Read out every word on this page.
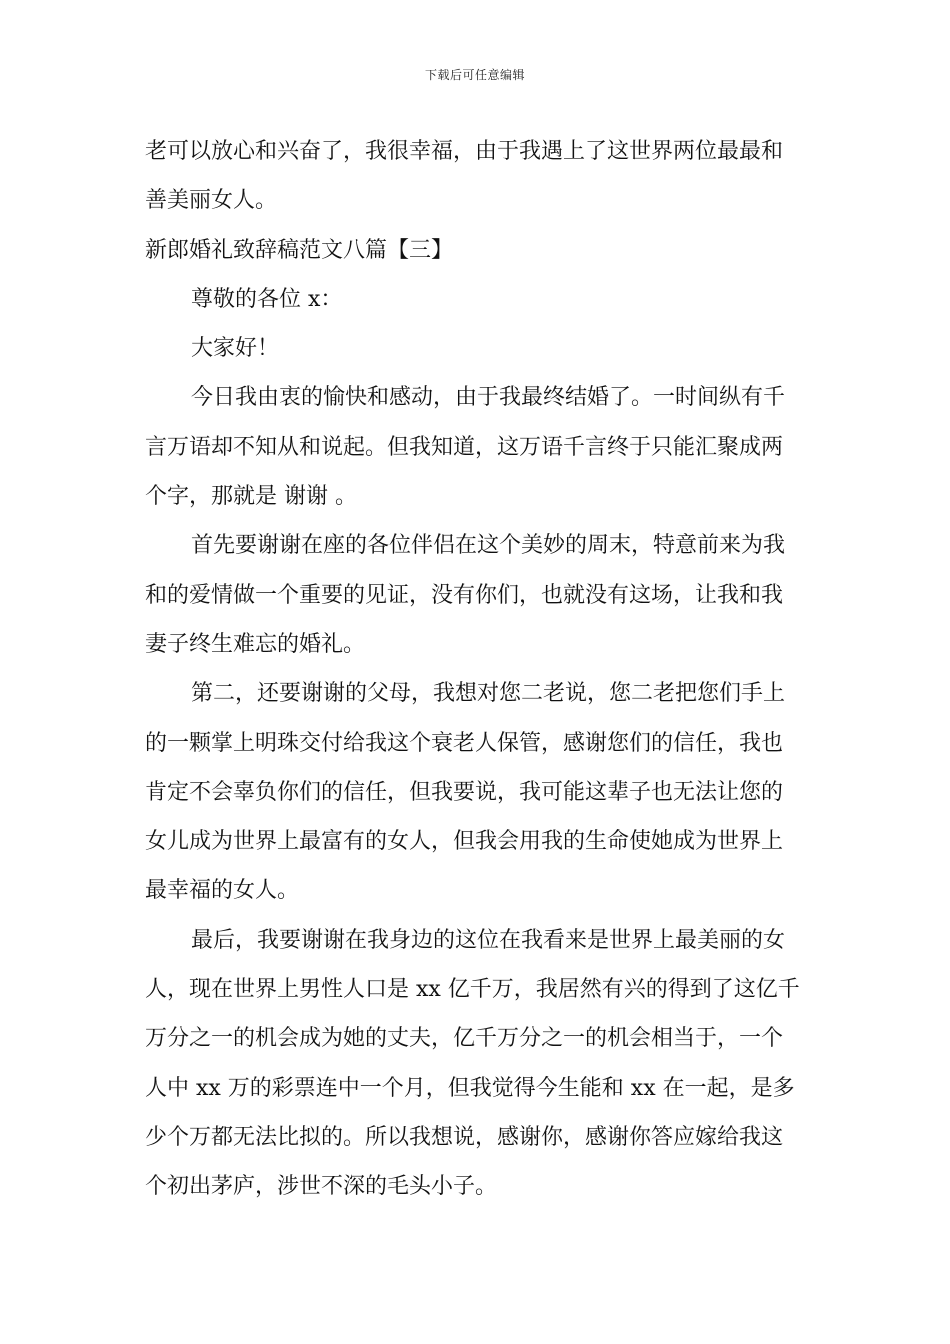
下载后可任意编辑
老可以放心和兴奋了，我很幸福，由于我遇上了这世界两位最最和
善美丽女人。
新郎婚礼致辞稿范文八篇【三】
尊敬的各位 x：
大家好！
今日我由衷的愉快和感动，由于我最终结婚了。一时间纵有千
言万语却不知从和说起。但我知道，这万语千言终于只能汇聚成两
个字，那就是 谢谢 。
首先要谢谢在座的各位伴侣在这个美妙的周末，特意前来为我
和的爱情做一个重要的见证，没有你们，也就没有这场，让我和我
妻子终生难忘的婚礼。
第二，还要谢谢的父母，我想对您二老说，您二老把您们手上
的一颗掌上明珠交付给我这个衰老人保管，感谢您们的信任，我也
肯定不会辜负你们的信任，但我要说，我可能这辈子也无法让您的
女儿成为世界上最富有的女人，但我会用我的生命使她成为世界上
最幸福的女人。
最后，我要谢谢在我身边的这位在我看来是世界上最美丽的女
人，现在世界上男性人口是 xx 亿千万，我居然有兴的得到了这亿千
万分之一的机会成为她的丈夫，亿千万分之一的机会相当于，一个
人中 xx 万的彩票连中一个月，但我觉得今生能和 xx 在一起，是多
少个万都无法比拟的。所以我想说，感谢你，感谢你答应嫁给我这
个初出茅庐，涉世不深的毛头小子。
